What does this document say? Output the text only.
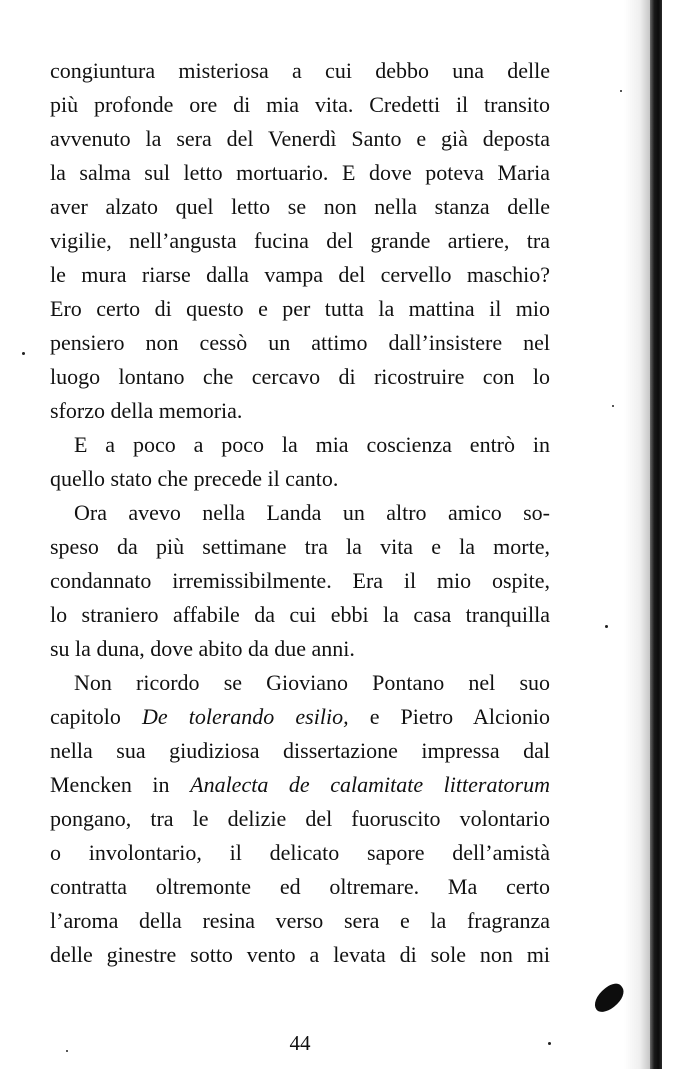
congiuntura misteriosa a cui debbo una delle
più profonde ore di mia vita. Credetti il transito
avvenuto la sera del Venerdì Santo e già deposta
la salma sul letto mortuario. E dove poteva Maria
aver alzato quel letto se non nella stanza delle
vigilie, nell’angusta fucina del grande artiere, tra
le mura riarse dalla vampa del cervello maschio?
Ero certo di questo e per tutta la mattina il mio
pensiero non cessò un attimo dall’insistere nel
luogo lontano che cercavo di ricostruire con lo
sforzo della memoria.
E a poco a poco la mia coscienza entrò in
quello stato che precede il canto.
Ora avevo nella Landa un altro amico so-
speso da più settimane tra la vita e la morte,
condannato irremissibilmente. Era il mio ospite,
lo straniero affabile da cui ebbi la casa tranquilla
su la duna, dove abito da due anni.
Non ricordo se Gioviano Pontano nel suo
capitolo De tolerando esilio, e Pietro Alcionio
nella sua giudiziosa dissertazione impressa dal
Mencken in Analecta de calamitate litteratorum
pongano, tra le delizie del fuoruscito volontario
o involontario, il delicato sapore dell’amistà
contratta oltremonte ed oltremare. Ma certo
l’aroma della resina verso sera e la fragranza
delle ginestre sotto vento a levata di sole non mi
44
